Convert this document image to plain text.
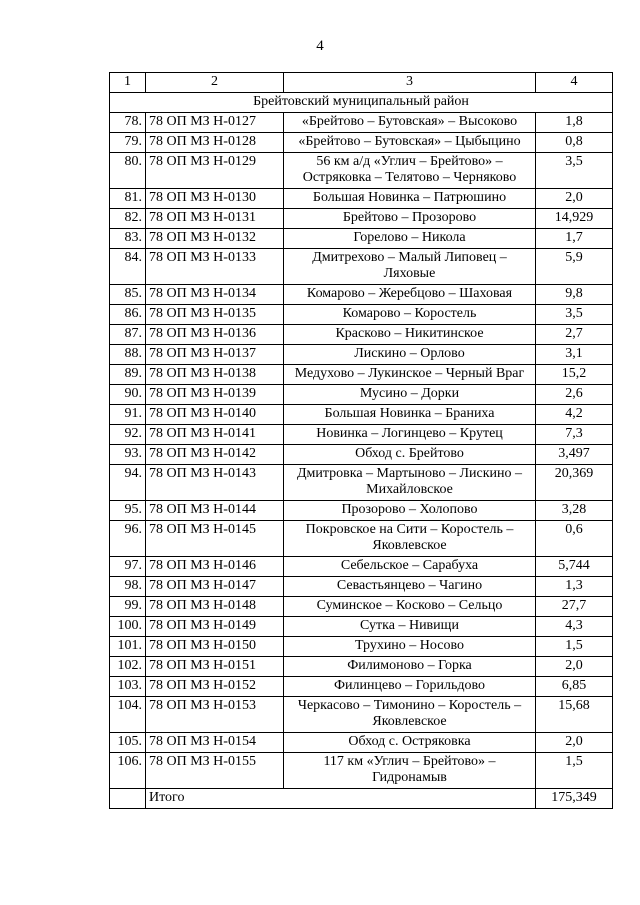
4
1	2	3	4
Брейтовский муниципальный район			
78.	78 ОП МЗ Н-0127	«Брейтово – Бутовская» – Высоково	1,8
79.	78 ОП МЗ Н-0128	«Брейтово – Бутовская» – Цыбыцино	0,8
80.	78 ОП МЗ Н-0129	56 км а/д «Углич – Брейтово» – Остряковка – Телятово – Черняково	3,5
81.	78 ОП МЗ Н-0130	Большая Новинка – Патрюшино	2,0
82.	78 ОП МЗ Н-0131	Брейтово – Прозорово	14,929
83.	78 ОП МЗ Н-0132	Горелово – Никола	1,7
84.	78 ОП МЗ Н-0133	Дмитрехово – Малый Липовец – Ляховые	5,9
85.	78 ОП МЗ Н-0134	Комарово – Жеребцово – Шаховая	9,8
86.	78 ОП МЗ Н-0135	Комарово – Коростель	3,5
87.	78 ОП МЗ Н-0136	Красково – Никитинское	2,7
88.	78 ОП МЗ Н-0137	Лискино – Орлово	3,1
89.	78 ОП МЗ Н-0138	Медухово – Лукинское – Черный Враг	15,2
90.	78 ОП МЗ Н-0139	Мусино – Дорки	2,6
91.	78 ОП МЗ Н-0140	Большая Новинка – Браниха	4,2
92.	78 ОП МЗ Н-0141	Новинка – Логинцево – Крутец	7,3
93.	78 ОП МЗ Н-0142	Обход с. Брейтово	3,497
94.	78 ОП МЗ Н-0143	Дмитровка – Мартыново – Лискино – Михайловское	20,369
95.	78 ОП МЗ Н-0144	Прозорово – Холопово	3,28
96.	78 ОП МЗ Н-0145	Покровское на Сити – Коростель – Яковлевское	0,6
97.	78 ОП МЗ Н-0146	Себельское – Сарабуха	5,744
98.	78 ОП МЗ Н-0147	Севастьянцево – Чагино	1,3
99.	78 ОП МЗ Н-0148	Суминское – Косково – Сельцо	27,7
100.	78 ОП МЗ Н-0149	Сутка – Нивищи	4,3
101.	78 ОП МЗ Н-0150	Трухино – Носово	1,5
102.	78 ОП МЗ Н-0151	Филимоново – Горка	2,0
103.	78 ОП МЗ Н-0152	Филинцево – Горильдово	6,85
104.	78 ОП МЗ Н-0153	Черкасово – Тимонино – Коростель – Яковлевское	15,68
105.	78 ОП МЗ Н-0154	Обход с. Остряковка	2,0
106.	78 ОП МЗ Н-0155	117 км «Углич – Брейтово» – Гидронамыв	1,5
	Итого		175,349
